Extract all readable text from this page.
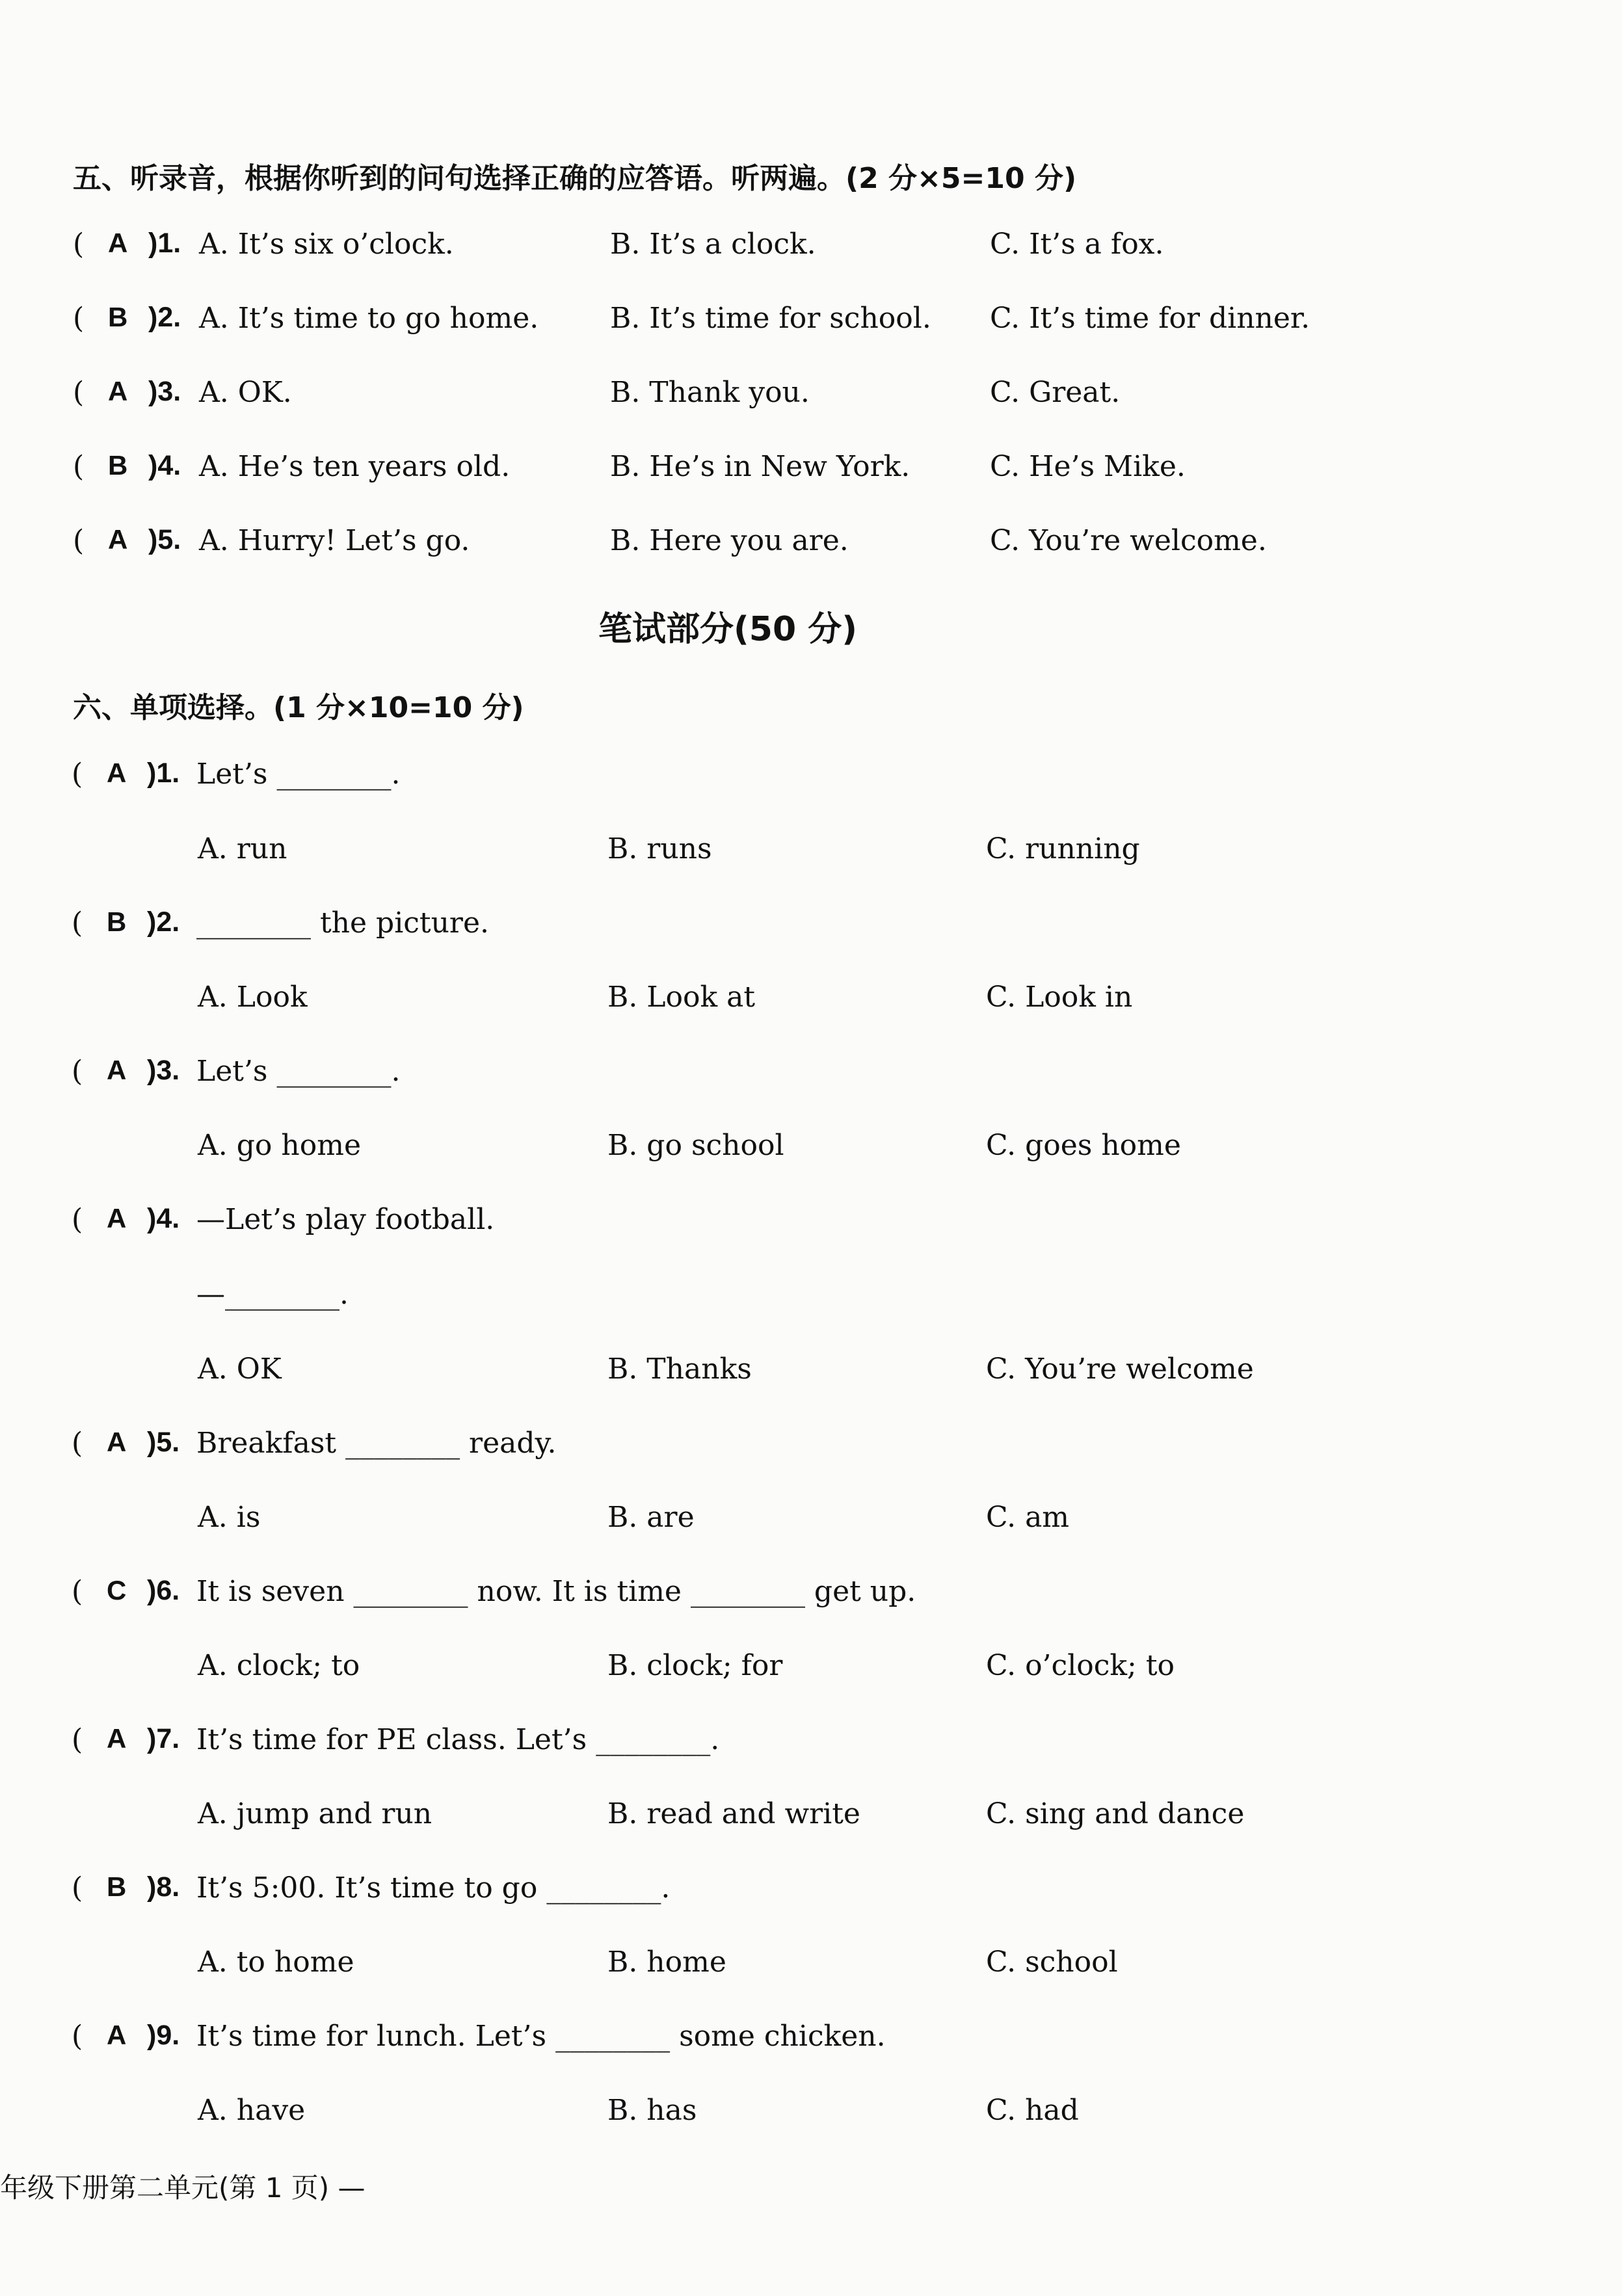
五、听录音，根据你听到的问句选择正确的应答语。听两遍。(2 分×5=10 分)
( A )1. A. It’s six o’clock.	B. It’s a clock.	C. It’s a fox.
( B )2. A. It’s time to go home. B. It’s time for school. C. It’s time for dinner.
( A )3. A. OK.	B. Thank you.	C. Great.
( B )4. A. He’s ten years old.	B. He’s in New York.	C. He’s Mike.
( A )5. A. Hurry! Let’s go.	B. Here you are.	C. You’re welcome.
笔试部分(50 分)
六、单项选择。(1 分×10=10 分)
( A )1. Let’s ________.
A. run	B. runs	C. running
( B )2. ________ the picture.
A. Look	B. Look at	C. Look in
( A )3. Let’s ________.
A. go home	B. go school	C. goes home
( A )4. —Let’s play football.
—________.
A. OK	B. Thanks	C. You’re welcome
( A )5. Breakfast ________ ready.
A. is	B. are	C. am
( C )6. It is seven ________ now. It is time ________ get up.
A. clock; to	B. clock; for	C. o’clock; to
( A )7. It’s time for PE class. Let’s ________.
A. jump and run	B. read and write	C. sing and dance
( B )8. It’s 5:00. It’s time to go ________.
A. to home	B. home	C. school
( A )9. It’s time for lunch. Let’s ________ some chicken.
A. have	B. has	C. had
年级下册第二单元(第 1 页) —
